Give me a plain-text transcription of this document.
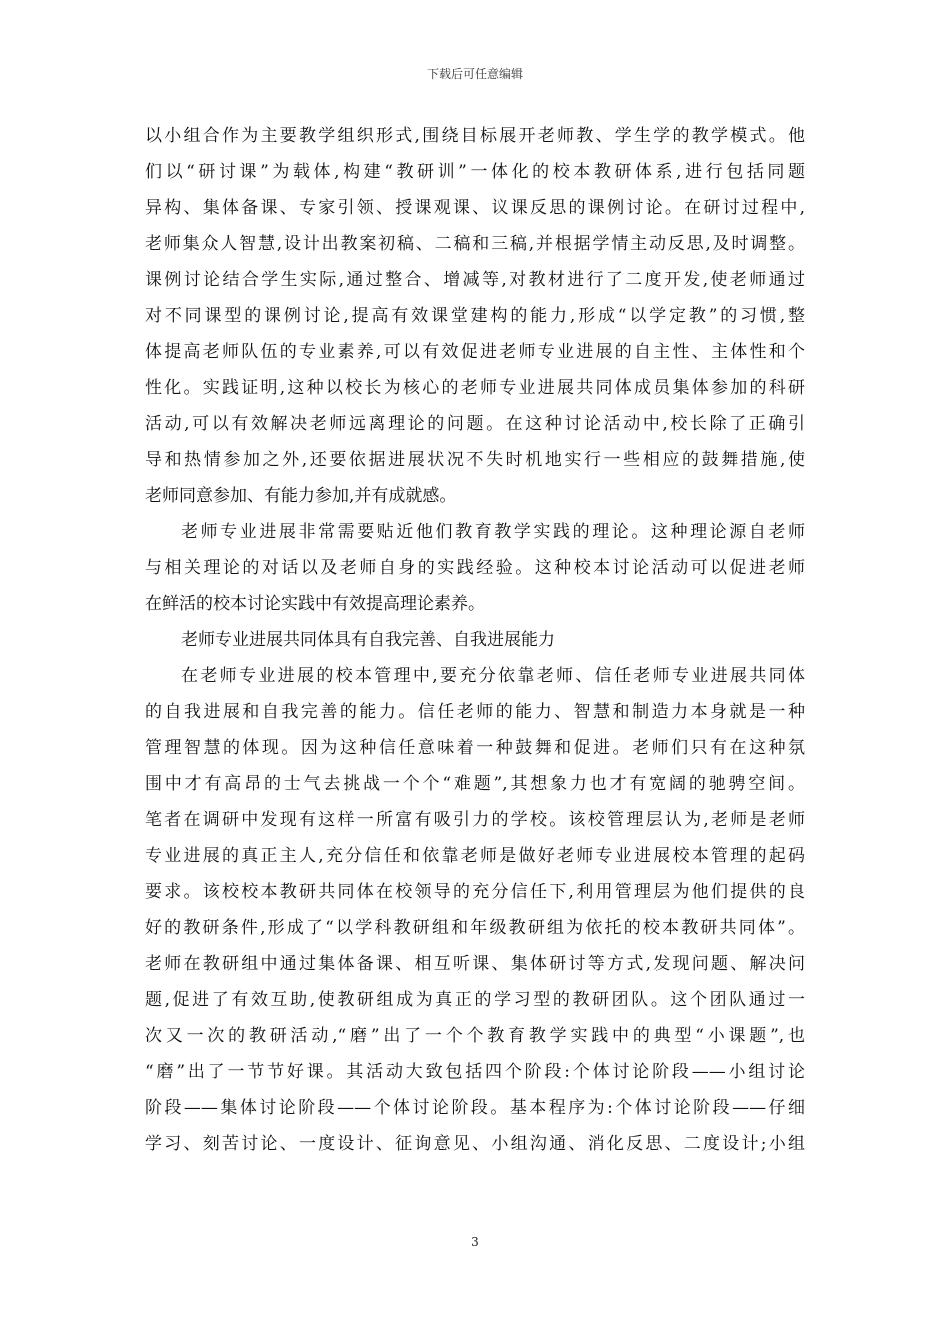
下载后可任意编辑
以小组合作为主要教学组织形式,围绕目标展开老师教、学生学的教学模式。他
们以“研讨课”为载体,构建“教研训”一体化的校本教研体系,进行包括同题
异构、集体备课、专家引领、授课观课、议课反思的课例讨论。在研讨过程中,
老师集众人智慧,设计出教案初稿、二稿和三稿,并根据学情主动反思,及时调整。
课例讨论结合学生实际,通过整合、增减等,对教材进行了二度开发,使老师通过
对不同课型的课例讨论,提高有效课堂建构的能力,形成“以学定教”的习惯,整
体提高老师队伍的专业素养,可以有效促进老师专业进展的自主性、主体性和个
性化。实践证明,这种以校长为核心的老师专业进展共同体成员集体参加的科研
活动,可以有效解决老师远离理论的问题。在这种讨论活动中,校长除了正确引
导和热情参加之外,还要依据进展状况不失时机地实行一些相应的鼓舞措施,使
老师同意参加、有能力参加,并有成就感。
老师专业进展非常需要贴近他们教育教学实践的理论。这种理论源自老师
与相关理论的对话以及老师自身的实践经验。这种校本讨论活动可以促进老师
在鲜活的校本讨论实践中有效提高理论素养。
老师专业进展共同体具有自我完善、自我进展能力
在老师专业进展的校本管理中,要充分依靠老师、信任老师专业进展共同体
的自我进展和自我完善的能力。信任老师的能力、智慧和制造力本身就是一种
管理智慧的体现。因为这种信任意味着一种鼓舞和促进。老师们只有在这种氛
围中才有高昂的士气去挑战一个个“难题”,其想象力也才有宽阔的驰骋空间。
笔者在调研中发现有这样一所富有吸引力的学校。该校管理层认为,老师是老师
专业进展的真正主人,充分信任和依靠老师是做好老师专业进展校本管理的起码
要求。该校校本教研共同体在校领导的充分信任下,利用管理层为他们提供的良
好的教研条件,形成了“以学科教研组和年级教研组为依托的校本教研共同体”。
老师在教研组中通过集体备课、相互听课、集体研讨等方式,发现问题、解决问
题,促进了有效互助,使教研组成为真正的学习型的教研团队。这个团队通过一
次又一次的教研活动,“磨”出了一个个教育教学实践中的典型“小课题”,也
“磨”出了一节节好课。其活动大致包括四个阶段:个体讨论阶段——小组讨论
阶段——集体讨论阶段——个体讨论阶段。基本程序为:个体讨论阶段——仔细
学习、刻苦讨论、一度设计、征询意见、小组沟通、消化反思、二度设计;小组
3
